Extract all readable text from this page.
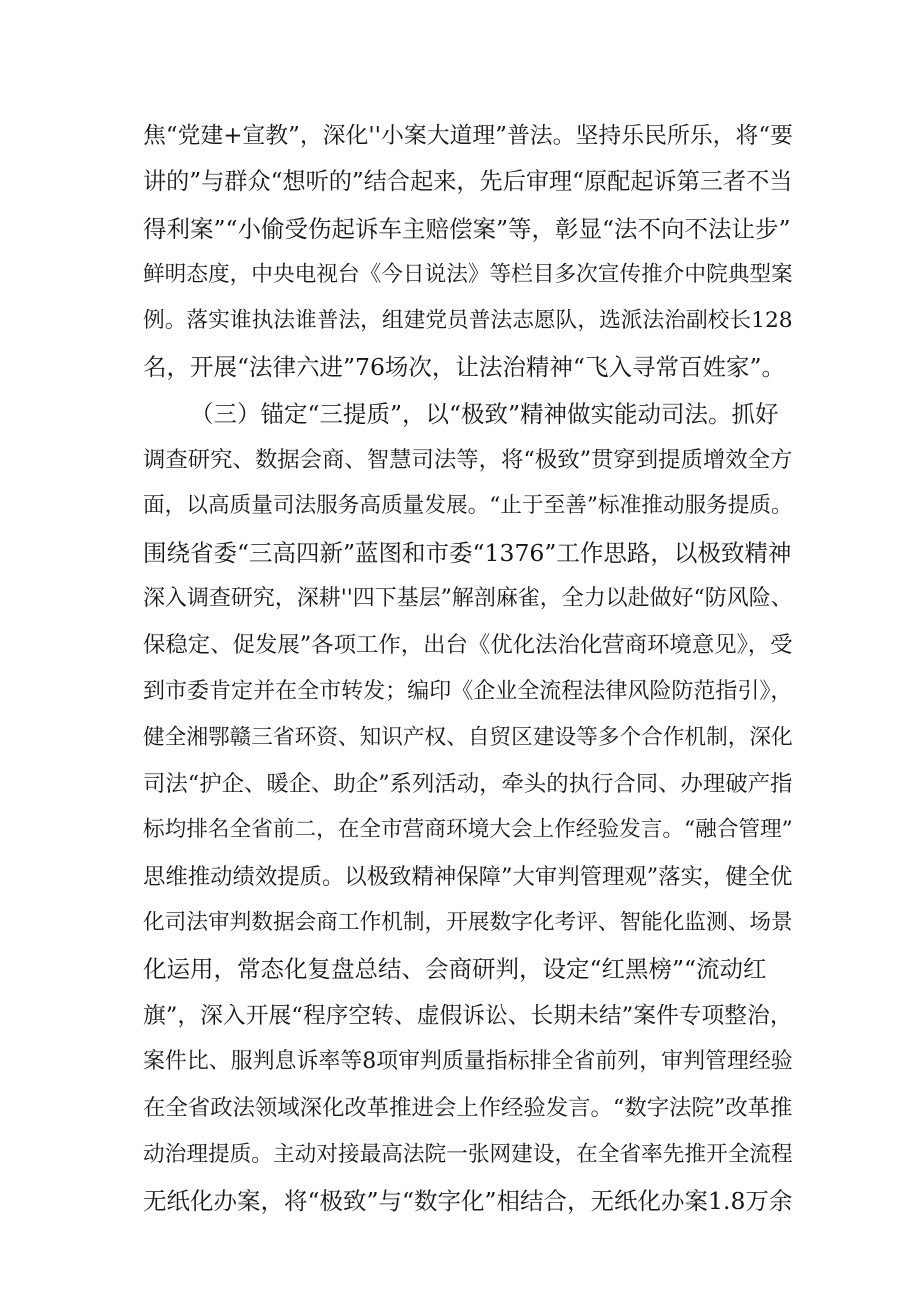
焦“党建+宣教”，深化''小案大道理”普法。坚持乐民所乐，将“要
讲的”与群众“想听的”结合起来，先后审理“原配起诉第三者不当
得利案”“小偷受伤起诉车主赔偿案”等，彰显“法不向不法让步”
鲜明态度，中央电视台《今日说法》等栏目多次宣传推介中院典型案
例。落实谁执法谁普法，组建党员普法志愿队，选派法治副校长128
名，开展“法律六进”76场次，让法治精神“飞入寻常百姓家”。
（三）锚定“三提质”，以“极致”精神做实能动司法。抓好
调查研究、数据会商、智慧司法等，将“极致”贯穿到提质增效全方
面，以高质量司法服务高质量发展。“止于至善”标准推动服务提质。
围绕省委“三高四新”蓝图和市委“1376”工作思路，以极致精神
深入调查研究，深耕''四下基层”解剖麻雀，全力以赴做好“防风险、
保稳定、促发展”各项工作，出台《优化法治化营商环境意见》，受
到市委肯定并在全市转发；编印《企业全流程法律风险防范指引》，
健全湘鄂赣三省环资、知识产权、自贸区建设等多个合作机制，深化
司法“护企、暖企、助企”系列活动，牵头的执行合同、办理破产指
标均排名全省前二，在全市营商环境大会上作经验发言。“融合管理”
思维推动绩效提质。以极致精神保障”大审判管理观”落实，健全优
化司法审判数据会商工作机制，开展数字化考评、智能化监测、场景
化运用，常态化复盘总结、会商研判，设定“红黑榜”“流动红
旗”，深入开展“程序空转、虚假诉讼、长期未结”案件专项整治，
案件比、服判息诉率等8项审判质量指标排全省前列，审判管理经验
在全省政法领域深化改革推进会上作经验发言。“数字法院”改革推
动治理提质。主动对接最高法院一张网建设，在全省率先推开全流程
无纸化办案，将“极致”与“数字化”相结合，无纸化办案1.8万余
